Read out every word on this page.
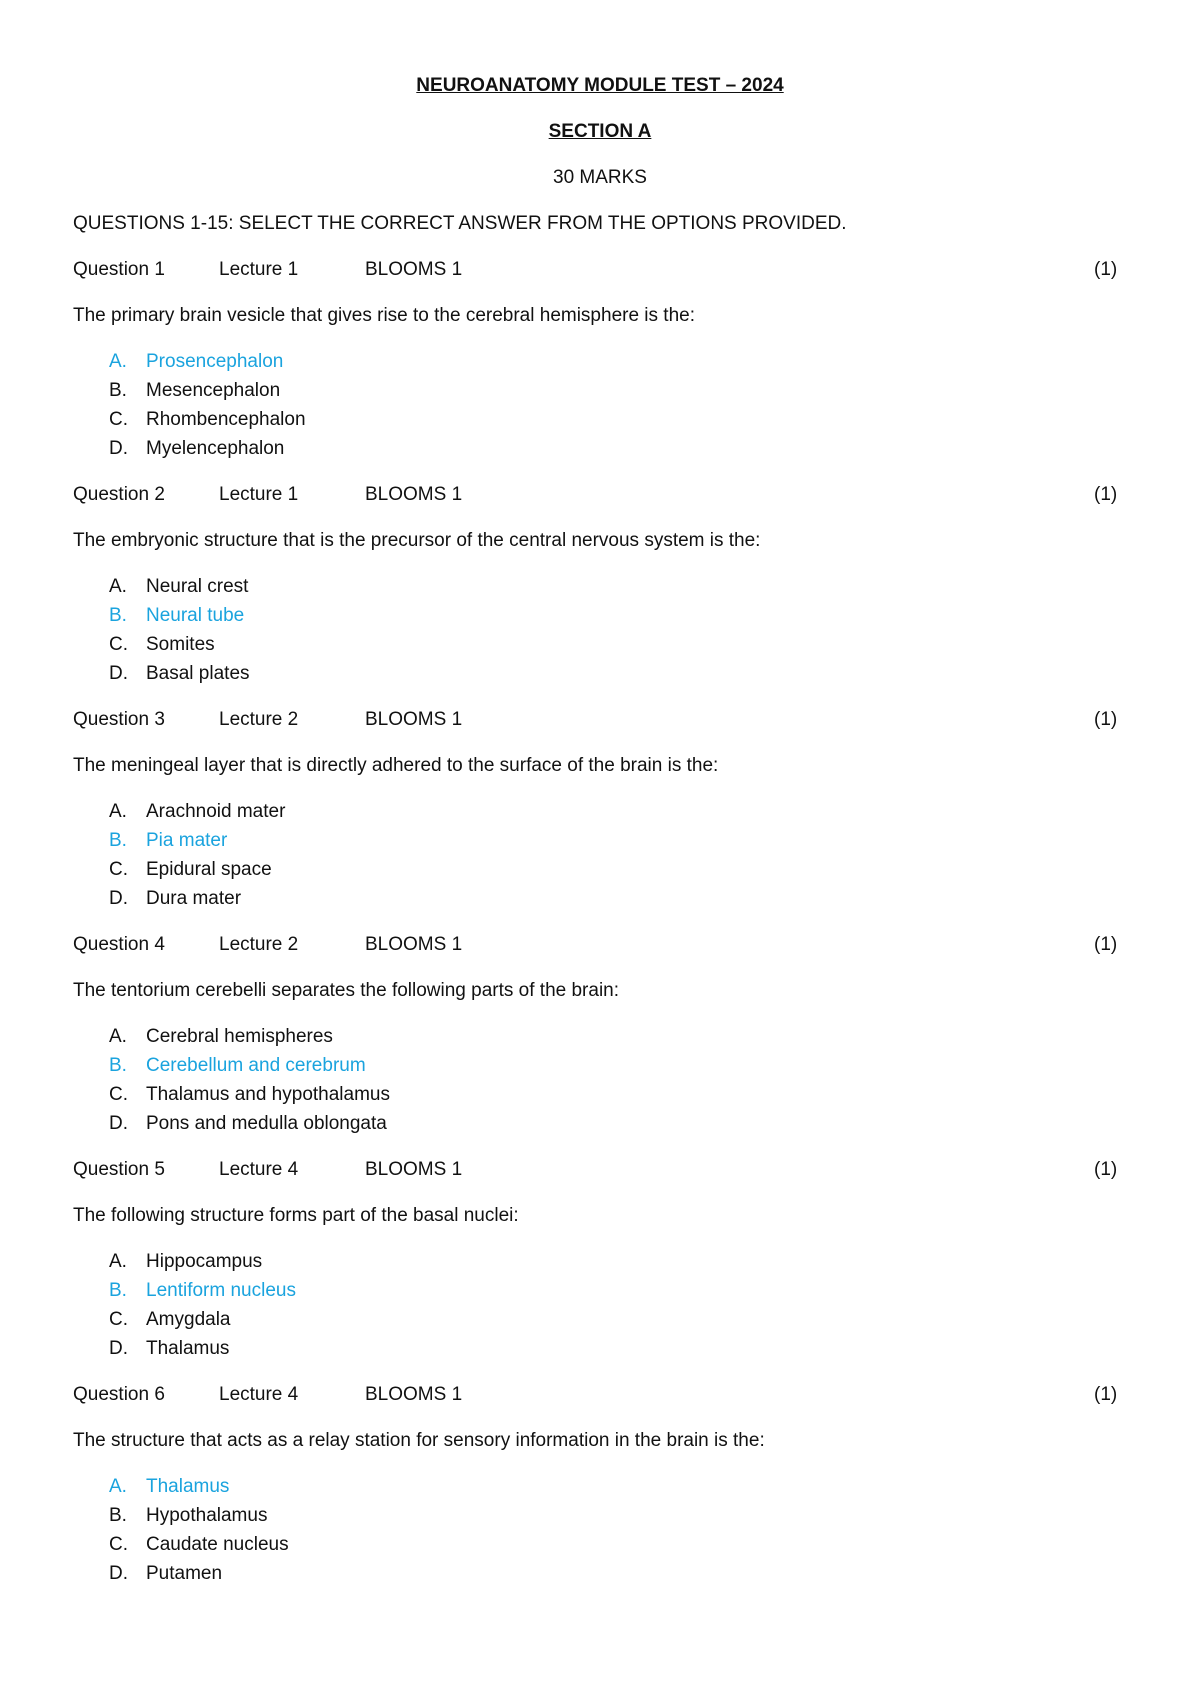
NEUROANATOMY MODULE TEST – 2024
SECTION A
30 MARKS
QUESTIONS 1-15: SELECT THE CORRECT ANSWER FROM THE OPTIONS PROVIDED.
Question 1	Lecture 1	BLOOMS 1	(1)
The primary brain vesicle that gives rise to the cerebral hemisphere is the:
A. Prosencephalon
B. Mesencephalon
C. Rhombencephalon
D. Myelencephalon
Question 2	Lecture 1	BLOOMS 1	(1)
The embryonic structure that is the precursor of the central nervous system is the:
A. Neural crest
B. Neural tube
C. Somites
D. Basal plates
Question 3	Lecture 2	BLOOMS 1	(1)
The meningeal layer that is directly adhered to the surface of the brain is the:
A. Arachnoid mater
B. Pia mater
C. Epidural space
D. Dura mater
Question 4	Lecture 2	BLOOMS 1	(1)
The tentorium cerebelli separates the following parts of the brain:
A. Cerebral hemispheres
B. Cerebellum and cerebrum
C. Thalamus and hypothalamus
D. Pons and medulla oblongata
Question 5	Lecture 4	BLOOMS 1	(1)
The following structure forms part of the basal nuclei:
A. Hippocampus
B. Lentiform nucleus
C. Amygdala
D. Thalamus
Question 6	Lecture 4	BLOOMS 1	(1)
The structure that acts as a relay station for sensory information in the brain is the:
A. Thalamus
B. Hypothalamus
C. Caudate nucleus
D. Putamen
